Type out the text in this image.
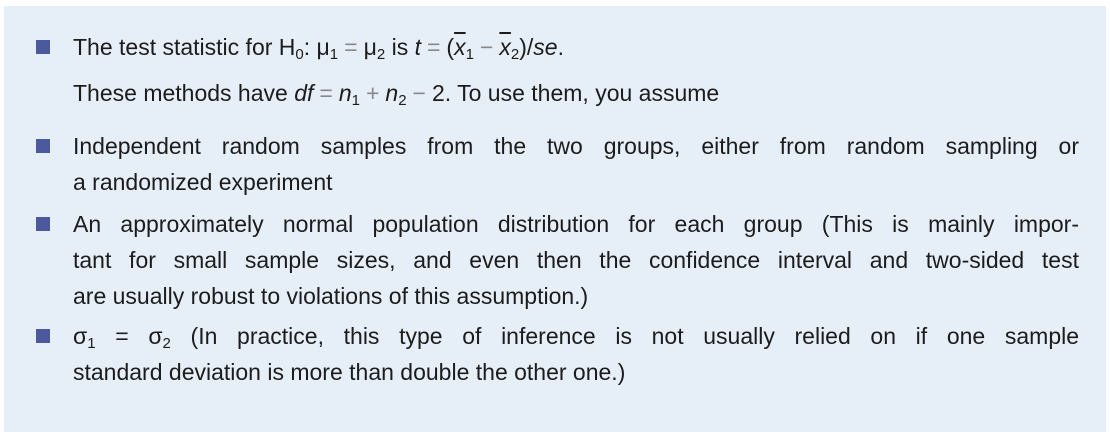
The test statistic for $H_0$: $\mu_1 = \mu_2$ is $t = (\overline{x}_1 - \overline{x}_2)/se$.
These methods have df = $n_1 + n_2 - 2$. To use them, you assume
Independent random samples from the two groups, either from random sampling or
a randomized experiment
An approximately normal population distribution for each group (This is mainly impor-
tant for small sample sizes, and even then the confidence interval and two-sided test
are usually robust to violations of this assumption.)
$\sigma_1 = \sigma_2$ (In practice, this type of inference is not usually relied on if one sample
standard deviation is more than double the other one.)
